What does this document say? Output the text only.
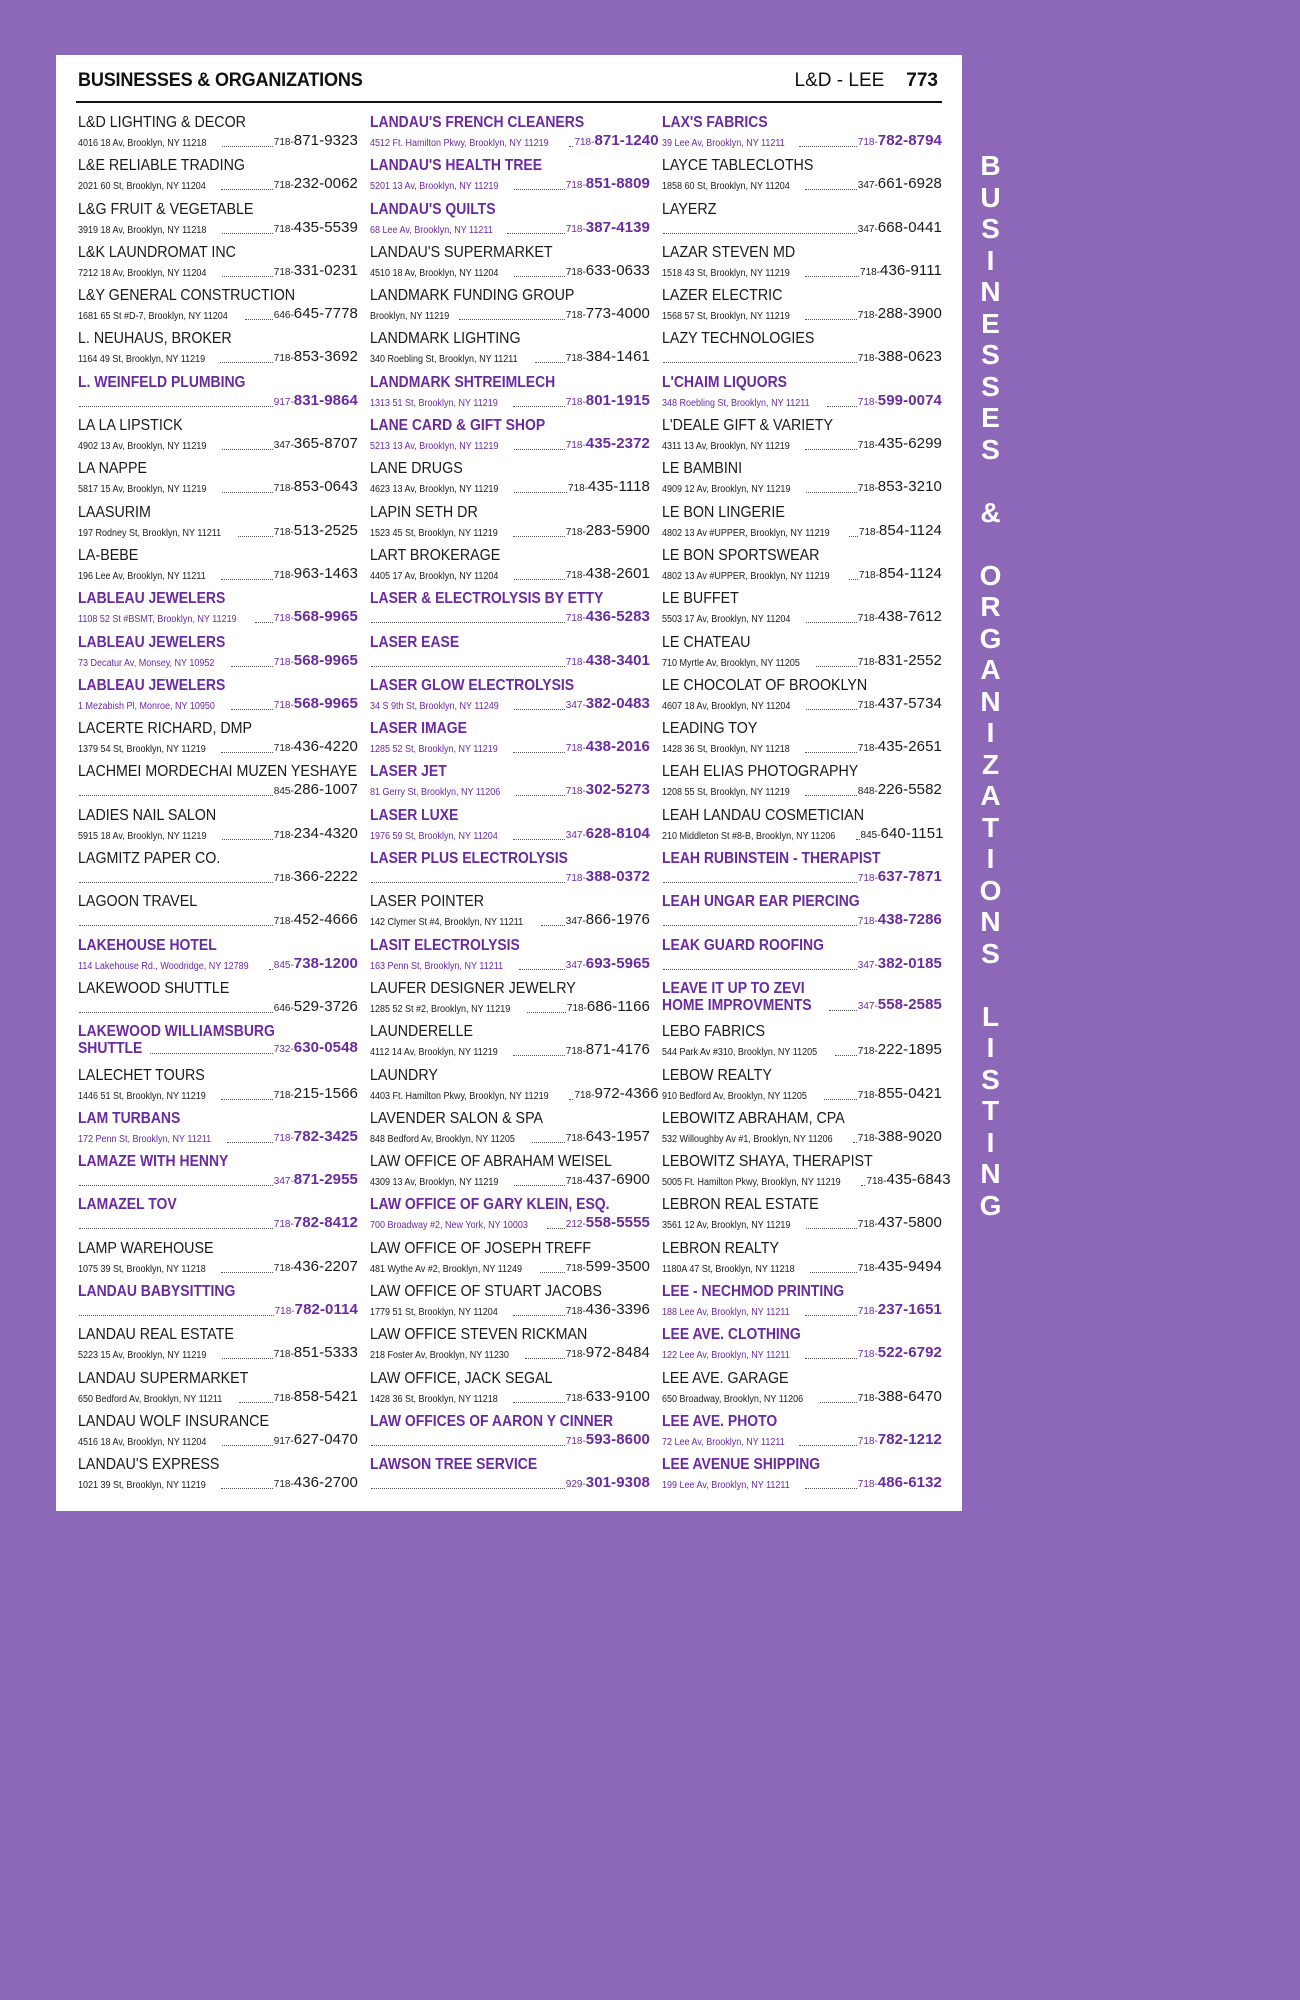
BUSINESSES & ORGANIZATIONS	L&D - LEE 773
L&D LIGHTING & DECOR
4016 18 Av, Brooklyn, NY 11218	718-871-9323
L&E RELIABLE TRADING
2021 60 St, Brooklyn, NY 11204	718-232-0062
L&G FRUIT & VEGETABLE
3919 18 Av, Brooklyn, NY 11218	718-435-5539
L&K LAUNDROMAT INC
7212 18 Av, Brooklyn, NY 11204	718-331-0231
L&Y GENERAL CONSTRUCTION
1681 65 St #D-7, Brooklyn, NY 11204	646-645-7778
L. NEUHAUS, BROKER
1164 49 St, Brooklyn, NY 11219	718-853-3692
L. WEINFELD PLUMBING
917-831-9864
LA LA LIPSTICK
4902 13 Av, Brooklyn, NY 11219	347-365-8707
LA NAPPE
5817 15 Av, Brooklyn, NY 11219	718-853-0643
LAASURIM
197 Rodney St, Brooklyn, NY 11211	718-513-2525
LA-BEBE
196 Lee Av, Brooklyn, NY 11211	718-963-1463
LABLEAU JEWELERS
1108 52 St #BSMT, Brooklyn, NY 11219	718-568-9965
LABLEAU JEWELERS
73 Decatur Av, Monsey, NY 10952	718-568-9965
LABLEAU JEWELERS
1 Mezabish Pl, Monroe, NY 10950	718-568-9965
LACERTE RICHARD, DMP
1379 54 St, Brooklyn, NY 11219	718-436-4220
LACHMEI MORDECHAI MUZEN YESHAYE
845-286-1007
LADIES NAIL SALON
5915 18 Av, Brooklyn, NY 11219	718-234-4320
LAGMITZ PAPER CO.
718-366-2222
LAGOON TRAVEL
718-452-4666
LAKEHOUSE HOTEL
114 Lakehouse Rd., Woodridge, NY 12789	845-738-1200
LAKEWOOD SHUTTLE
646-529-3726
LAKEWOOD WILLIAMSBURG
SHUTTLE	732-630-0548
LALECHET TOURS
1446 51 St, Brooklyn, NY 11219	718-215-1566
LAM TURBANS
172 Penn St, Brooklyn, NY 11211	718-782-3425
LAMAZE WITH HENNY
347-871-2955
LAMAZEL TOV
718-782-8412
LAMP WAREHOUSE
1075 39 St, Brooklyn, NY 11218	718-436-2207
LANDAU BABYSITTING
718-782-0114
LANDAU REAL ESTATE
5223 15 Av, Brooklyn, NY 11219	718-851-5333
LANDAU SUPERMARKET
650 Bedford Av, Brooklyn, NY 11211	718-858-5421
LANDAU WOLF INSURANCE
4516 18 Av, Brooklyn, NY 11204	917-627-0470
LANDAU'S EXPRESS
1021 39 St, Brooklyn, NY 11219	718-436-2700
LANDAU'S FRENCH CLEANERS
4512 Ft. Hamilton Pkwy, Brooklyn, NY 11219	718-871-1240
LANDAU'S HEALTH TREE
5201 13 Av, Brooklyn, NY 11219	718-851-8809
LANDAU'S QUILTS
68 Lee Av, Brooklyn, NY 11211	718-387-4139
LANDAU'S SUPERMARKET
4510 18 Av, Brooklyn, NY 11204	718-633-0633
LANDMARK FUNDING GROUP
Brooklyn, NY 11219	718-773-4000
LANDMARK LIGHTING
340 Roebling St, Brooklyn, NY 11211	718-384-1461
LANDMARK SHTREIMLECH
1313 51 St, Brooklyn, NY 11219	718-801-1915
LANE CARD & GIFT SHOP
5213 13 Av, Brooklyn, NY 11219	718-435-2372
LANE DRUGS
4623 13 Av, Brooklyn, NY 11219	718-435-1118
LAPIN SETH DR
1523 45 St, Brooklyn, NY 11219	718-283-5900
LART BROKERAGE
4405 17 Av, Brooklyn, NY 11204	718-438-2601
LASER & ELECTROLYSIS BY ETTY
718-436-5283
LASER EASE
718-438-3401
LASER GLOW ELECTROLYSIS
34 S 9th St, Brooklyn, NY 11249	347-382-0483
LASER IMAGE
1285 52 St, Brooklyn, NY 11219	718-438-2016
LASER JET
81 Gerry St, Brooklyn, NY 11206	718-302-5273
LASER LUXE
1976 59 St, Brooklyn, NY 11204	347-628-8104
LASER PLUS ELECTROLYSIS
718-388-0372
LASER POINTER
142 Clymer St #4, Brooklyn, NY 11211	347-866-1976
LASIT ELECTROLYSIS
163 Penn St, Brooklyn, NY 11211	347-693-5965
LAUFER DESIGNER JEWELRY
1285 52 St #2, Brooklyn, NY 11219	718-686-1166
LAUNDERELLE
4112 14 Av, Brooklyn, NY 11219	718-871-4176
LAUNDRY
4403 Ft. Hamilton Pkwy, Brooklyn, NY 11219	718-972-4366
LAVENDER SALON & SPA
848 Bedford Av, Brooklyn, NY 11205	718-643-1957
LAW OFFICE OF ABRAHAM WEISEL
4309 13 Av, Brooklyn, NY 11219	718-437-6900
LAW OFFICE OF GARY KLEIN, ESQ.
700 Broadway #2, New York, NY 10003	212-558-5555
LAW OFFICE OF JOSEPH TREFF
481 Wythe Av #2, Brooklyn, NY 11249	718-599-3500
LAW OFFICE OF STUART JACOBS
1779 51 St, Brooklyn, NY 11204	718-436-3396
LAW OFFICE STEVEN RICKMAN
218 Foster Av, Brooklyn, NY 11230	718-972-8484
LAW OFFICE, JACK SEGAL
1428 36 St, Brooklyn, NY 11218	718-633-9100
LAW OFFICES OF AARON Y CINNER
718-593-8600
LAWSON TREE SERVICE
929-301-9308
LAX'S FABRICS
39 Lee Av, Brooklyn, NY 11211	718-782-8794
LAYCE TABLECLOTHS
1858 60 St, Brooklyn, NY 11204	347-661-6928
LAYERZ
347-668-0441
LAZAR STEVEN MD
1518 43 St, Brooklyn, NY 11219	718-436-9111
LAZER ELECTRIC
1568 57 St, Brooklyn, NY 11219	718-288-3900
LAZY TECHNOLOGIES
718-388-0623
L'CHAIM LIQUORS
348 Roebling St, Brooklyn, NY 11211	718-599-0074
L'DEALE GIFT & VARIETY
4311 13 Av, Brooklyn, NY 11219	718-435-6299
LE BAMBINI
4909 12 Av, Brooklyn, NY 11219	718-853-3210
LE BON LINGERIE
4802 13 Av #UPPER, Brooklyn, NY 11219	718-854-1124
LE BON SPORTSWEAR
4802 13 Av #UPPER, Brooklyn, NY 11219	718-854-1124
LE BUFFET
5503 17 Av, Brooklyn, NY 11204	718-438-7612
LE CHATEAU
710 Myrtle Av, Brooklyn, NY 11205	718-831-2552
LE CHOCOLAT OF BROOKLYN
4607 18 Av, Brooklyn, NY 11204	718-437-5734
LEADING TOY
1428 36 St, Brooklyn, NY 11218	718-435-2651
LEAH ELIAS PHOTOGRAPHY
1208 55 St, Brooklyn, NY 11219	848-226-5582
LEAH LANDAU COSMETICIAN
210 Middleton St #8-B, Brooklyn, NY 11206	845-640-1151
LEAH RUBINSTEIN - THERAPIST
718-637-7871
LEAH UNGAR EAR PIERCING
718-438-7286
LEAK GUARD ROOFING
347-382-0185
LEAVE IT UP TO ZEVI
HOME IMPROVMENTS	347-558-2585
LEBO FABRICS
544 Park Av #310, Brooklyn, NY 11205	718-222-1895
LEBOW REALTY
910 Bedford Av, Brooklyn, NY 11205	718-855-0421
LEBOWITZ ABRAHAM, CPA
532 Willoughby Av #1, Brooklyn, NY 11206	718-388-9020
LEBOWITZ SHAYA, THERAPIST
5005 Ft. Hamilton Pkwy, Brooklyn, NY 11219	718-435-6843
LEBRON REAL ESTATE
3561 12 Av, Brooklyn, NY 11219	718-437-5800
LEBRON REALTY
1180A 47 St, Brooklyn, NY 11218	718-435-9494
LEE - NECHMOD PRINTING
188 Lee Av, Brooklyn, NY 11211	718-237-1651
LEE AVE. CLOTHING
122 Lee Av, Brooklyn, NY 11211	718-522-6792
LEE AVE. GARAGE
650 Broadway, Brooklyn, NY 11206	718-388-6470
LEE AVE. PHOTO
72 Lee Av, Brooklyn, NY 11211	718-782-1212
LEE AVENUE SHIPPING
199 Lee Av, Brooklyn, NY 11211	718-486-6132
B
U
S
I
N
E
S
S
E
S

&

O
R
G
A
N
I
Z
A
T
I
O
N
S

L
I
S
T
I
N
G
